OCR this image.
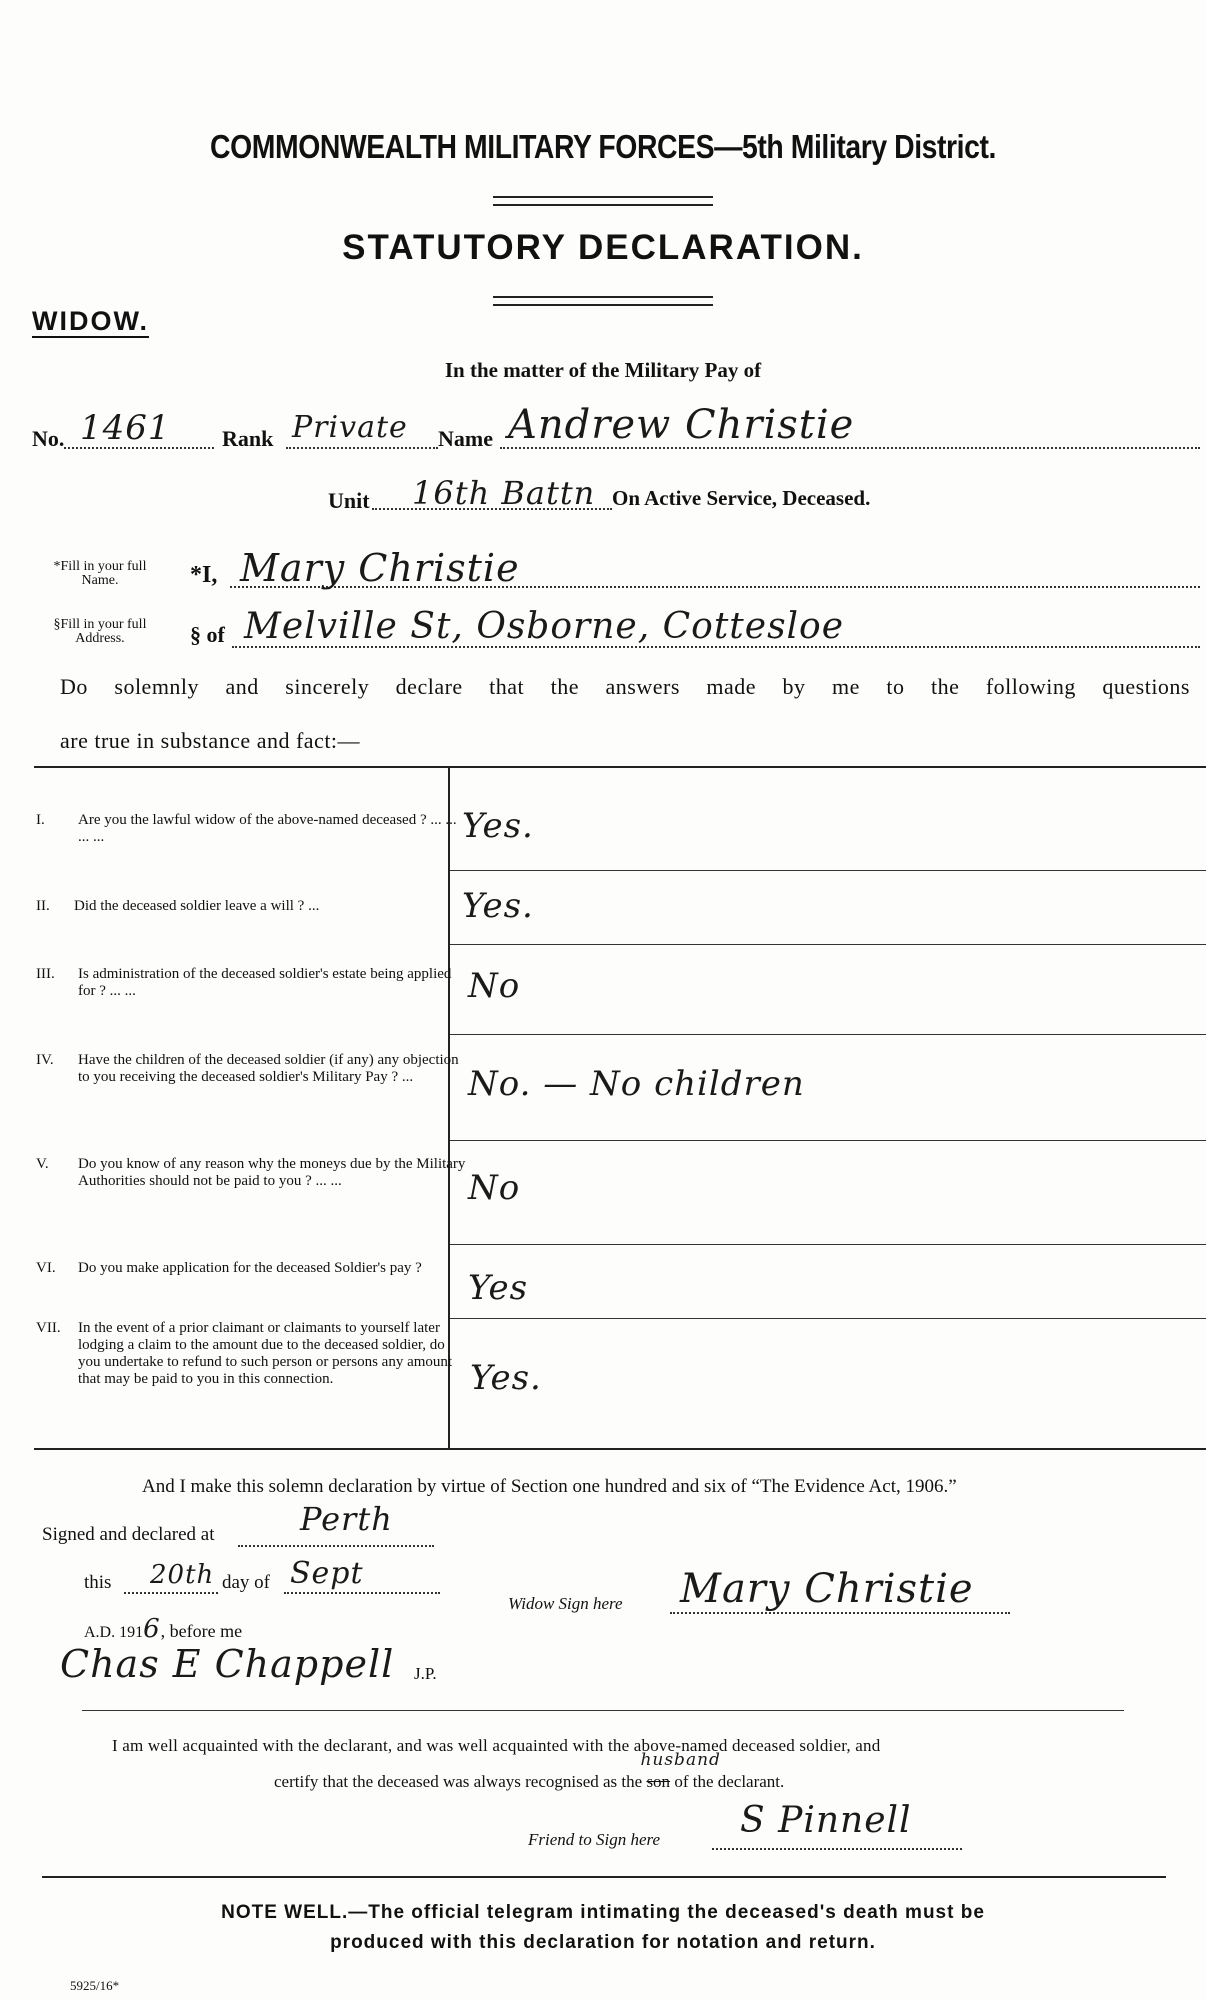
COMMONWEALTH MILITARY FORCES—5th Military District.
STATUTORY DECLARATION.
WIDOW.
In the matter of the Military Pay of
No. 1461 Rank Private Name Andrew Christie
Unit 16th Battn On Active Service, Deceased.
*Fill in your full
Name.	*I, Mary Christie
§Fill in your full
Address.	§ of Melville St, Osborne, Cottesloe
Do solemnly and sincerely declare that the answers made by me to the following questions
are true in substance and fact:—
I. Are you the lawful widow of the above-named deceased ? ... ... ... ...	Yes.
II. Did the deceased soldier leave a will ? ...	Yes.
III. Is administration of the deceased soldier's estate being applied for ? ... ...	No
IV. Have the children of the deceased soldier (if any) any objection to you receiving the deceased soldier's Military Pay ? ...	No. — No children
V. Do you know of any reason why the moneys due by the Military Authorities should not be paid to you ? ... ...	No
VI. Do you make application for the deceased Soldier's pay ?	Yes
VII. In the event of a prior claimant or claimants to yourself later lodging a claim to the amount due to the deceased soldier, do you undertake to refund to such person or persons any amount that may be paid to you in this connection.	Yes.
And I make this solemn declaration by virtue of Section one hundred and six of “The Evidence Act, 1906.”
Signed and declared at	Perth
this 20th day of Sept
A.D. 1916, before me
Chas E Chappell J.P.
Widow Sign here Mary Christie
I am well acquainted with the declarant, and was well acquainted with the above-named deceased soldier, and
certify that the deceased was always recognised as the
husband
son of the declarant.
Friend to Sign here S Pinnell
NOTE WELL.—The official telegram intimating the deceased's death must be
produced with this declaration for notation and return.
5925/16*
